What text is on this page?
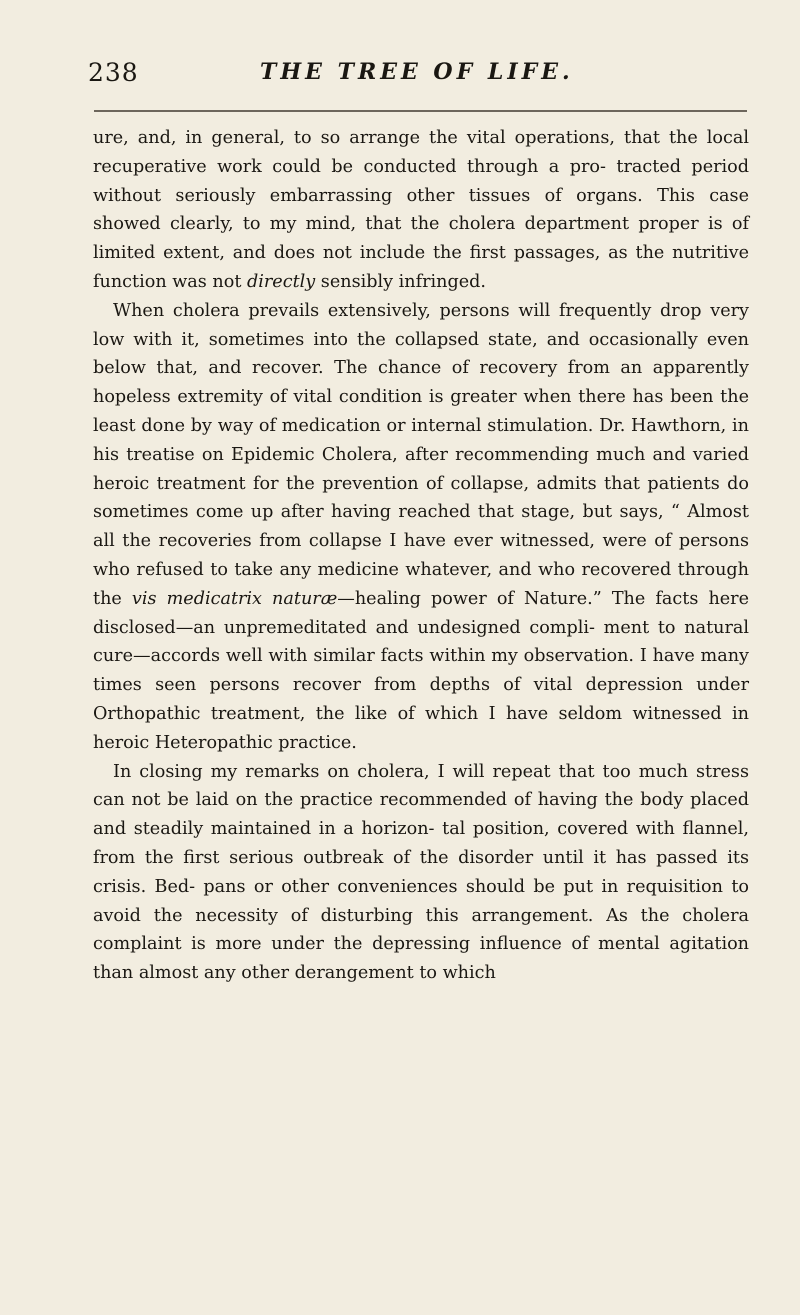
238	THE TREE OF LIFE.

ure, and, in general, to so arrange the vital operations, that the local recuperative work could be conducted through a pro- tracted period without seriously embarrassing other tissues of organs. This case showed clearly, to my mind, that the cholera department proper is of limited extent, and does not include the first passages, as the nutritive function was not directly sensibly infringed.

When cholera prevails extensively, persons will frequently drop very low with it, sometimes into the collapsed state, and occasionally even below that, and recover. The chance of recovery from an apparently hopeless extremity of vital condition is greater when there has been the least done by way of medication or internal stimulation. Dr. Hawthorn, in his treatise on Epidemic Cholera, after recommending much and varied heroic treatment for the prevention of collapse, admits that patients do sometimes come up after having reached that stage, but says, “ Almost all the recoveries from collapse I have ever witnessed, were of persons who refused to take any medicine whatever, and who recovered through the vis medicatrix naturæ—healing power of Nature.” The facts here disclosed—an unpremeditated and undesigned compli- ment to natural cure—accords well with similar facts within my observation. I have many times seen persons recover from depths of vital depression under Orthopathic treatment, the like of which I have seldom witnessed in heroic Heteropathic practice.

In closing my remarks on cholera, I will repeat that too much stress can not be laid on the practice recommended of having the body placed and steadily maintained in a horizon- tal position, covered with flannel, from the first serious outbreak of the disorder until it has passed its crisis. Bed- pans or other conveniences should be put in requisition to avoid the necessity of disturbing this arrangement. As the cholera complaint is more under the depressing influence of mental agitation than almost any other derangement to which
